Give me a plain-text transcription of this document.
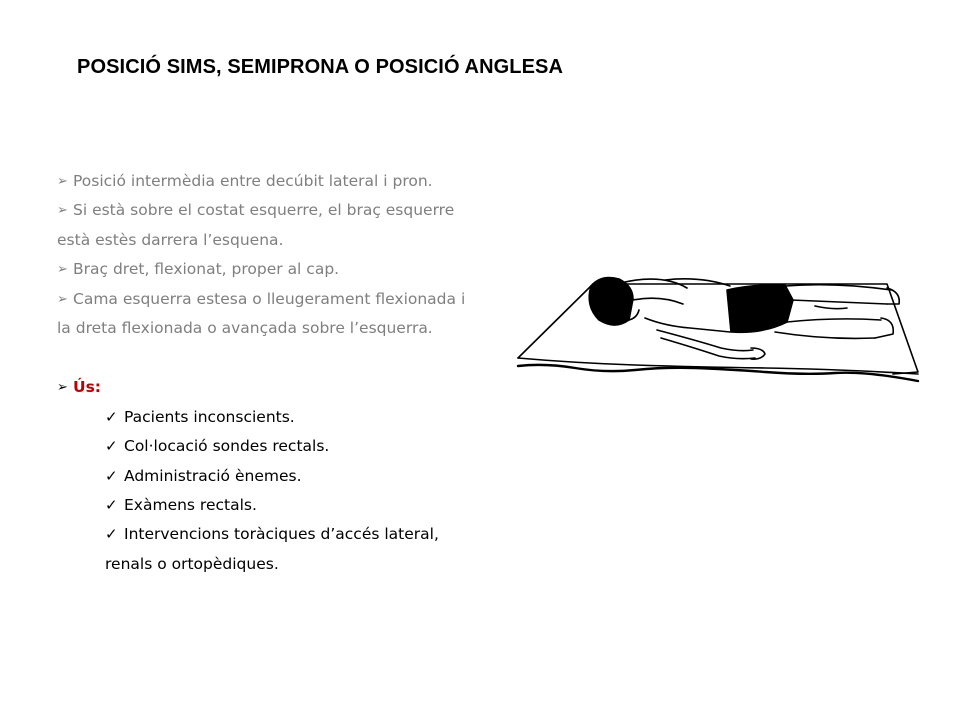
POSICIÓ SIMS, SEMIPRONA O POSICIÓ ANGLESA

➢ Posició intermèdia entre decúbit lateral i pron.

➢ Si està sobre el costat esquerre, el braç esquerre està estès darrera l’esquena.

➢ Braç dret, flexionat, proper al cap.

➢ Cama esquerra estesa o lleugerament flexionada i la dreta flexionada o avançada sobre l’esquerra.

➢ Ús:

✓ Pacients inconscients.
✓ Col·locació sondes rectals.
✓ Administració ènemes.
✓ Exàmens rectals.
✓ Intervencions toràciques d’accés lateral, renals o ortopèdiques.
